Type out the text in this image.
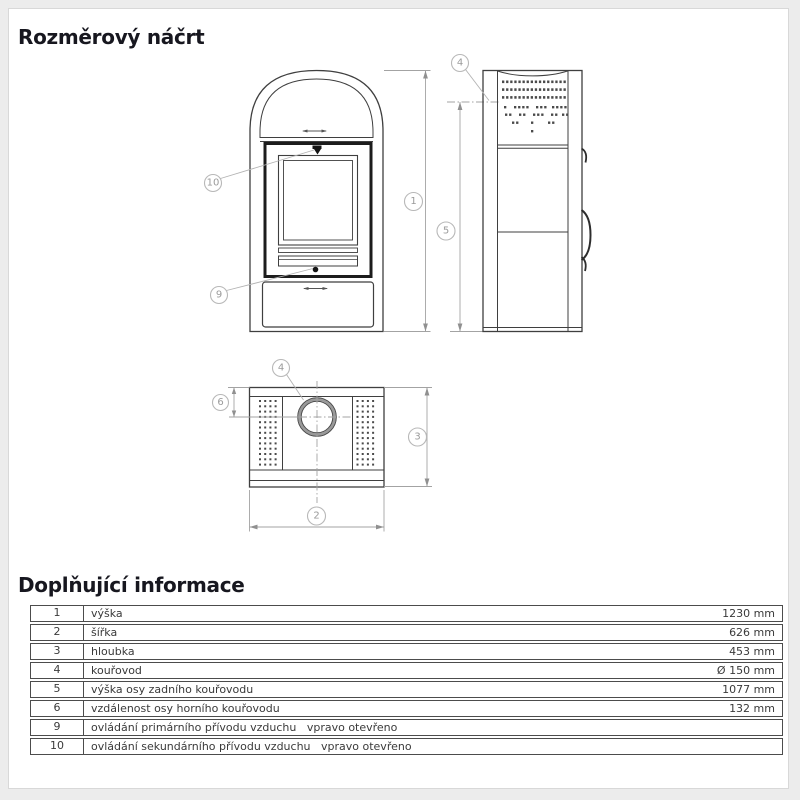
Rozměrový náčrt
10
9
1
5
4
4
6
3
2
Doplňující informace
1	výška	1230 mm
2	šířka	626 mm
3	hloubka	453 mm
4	kouřovod	Ø 150 mm
5	výška osy zadního kouřovodu	1077 mm
6	vzdálenost osy horního kouřovodu	132 mm
9	ovládání primárního přívodu vzduchu   vpravo otevřeno
10	ovládání sekundárního přívodu vzduchu   vpravo otevřeno
